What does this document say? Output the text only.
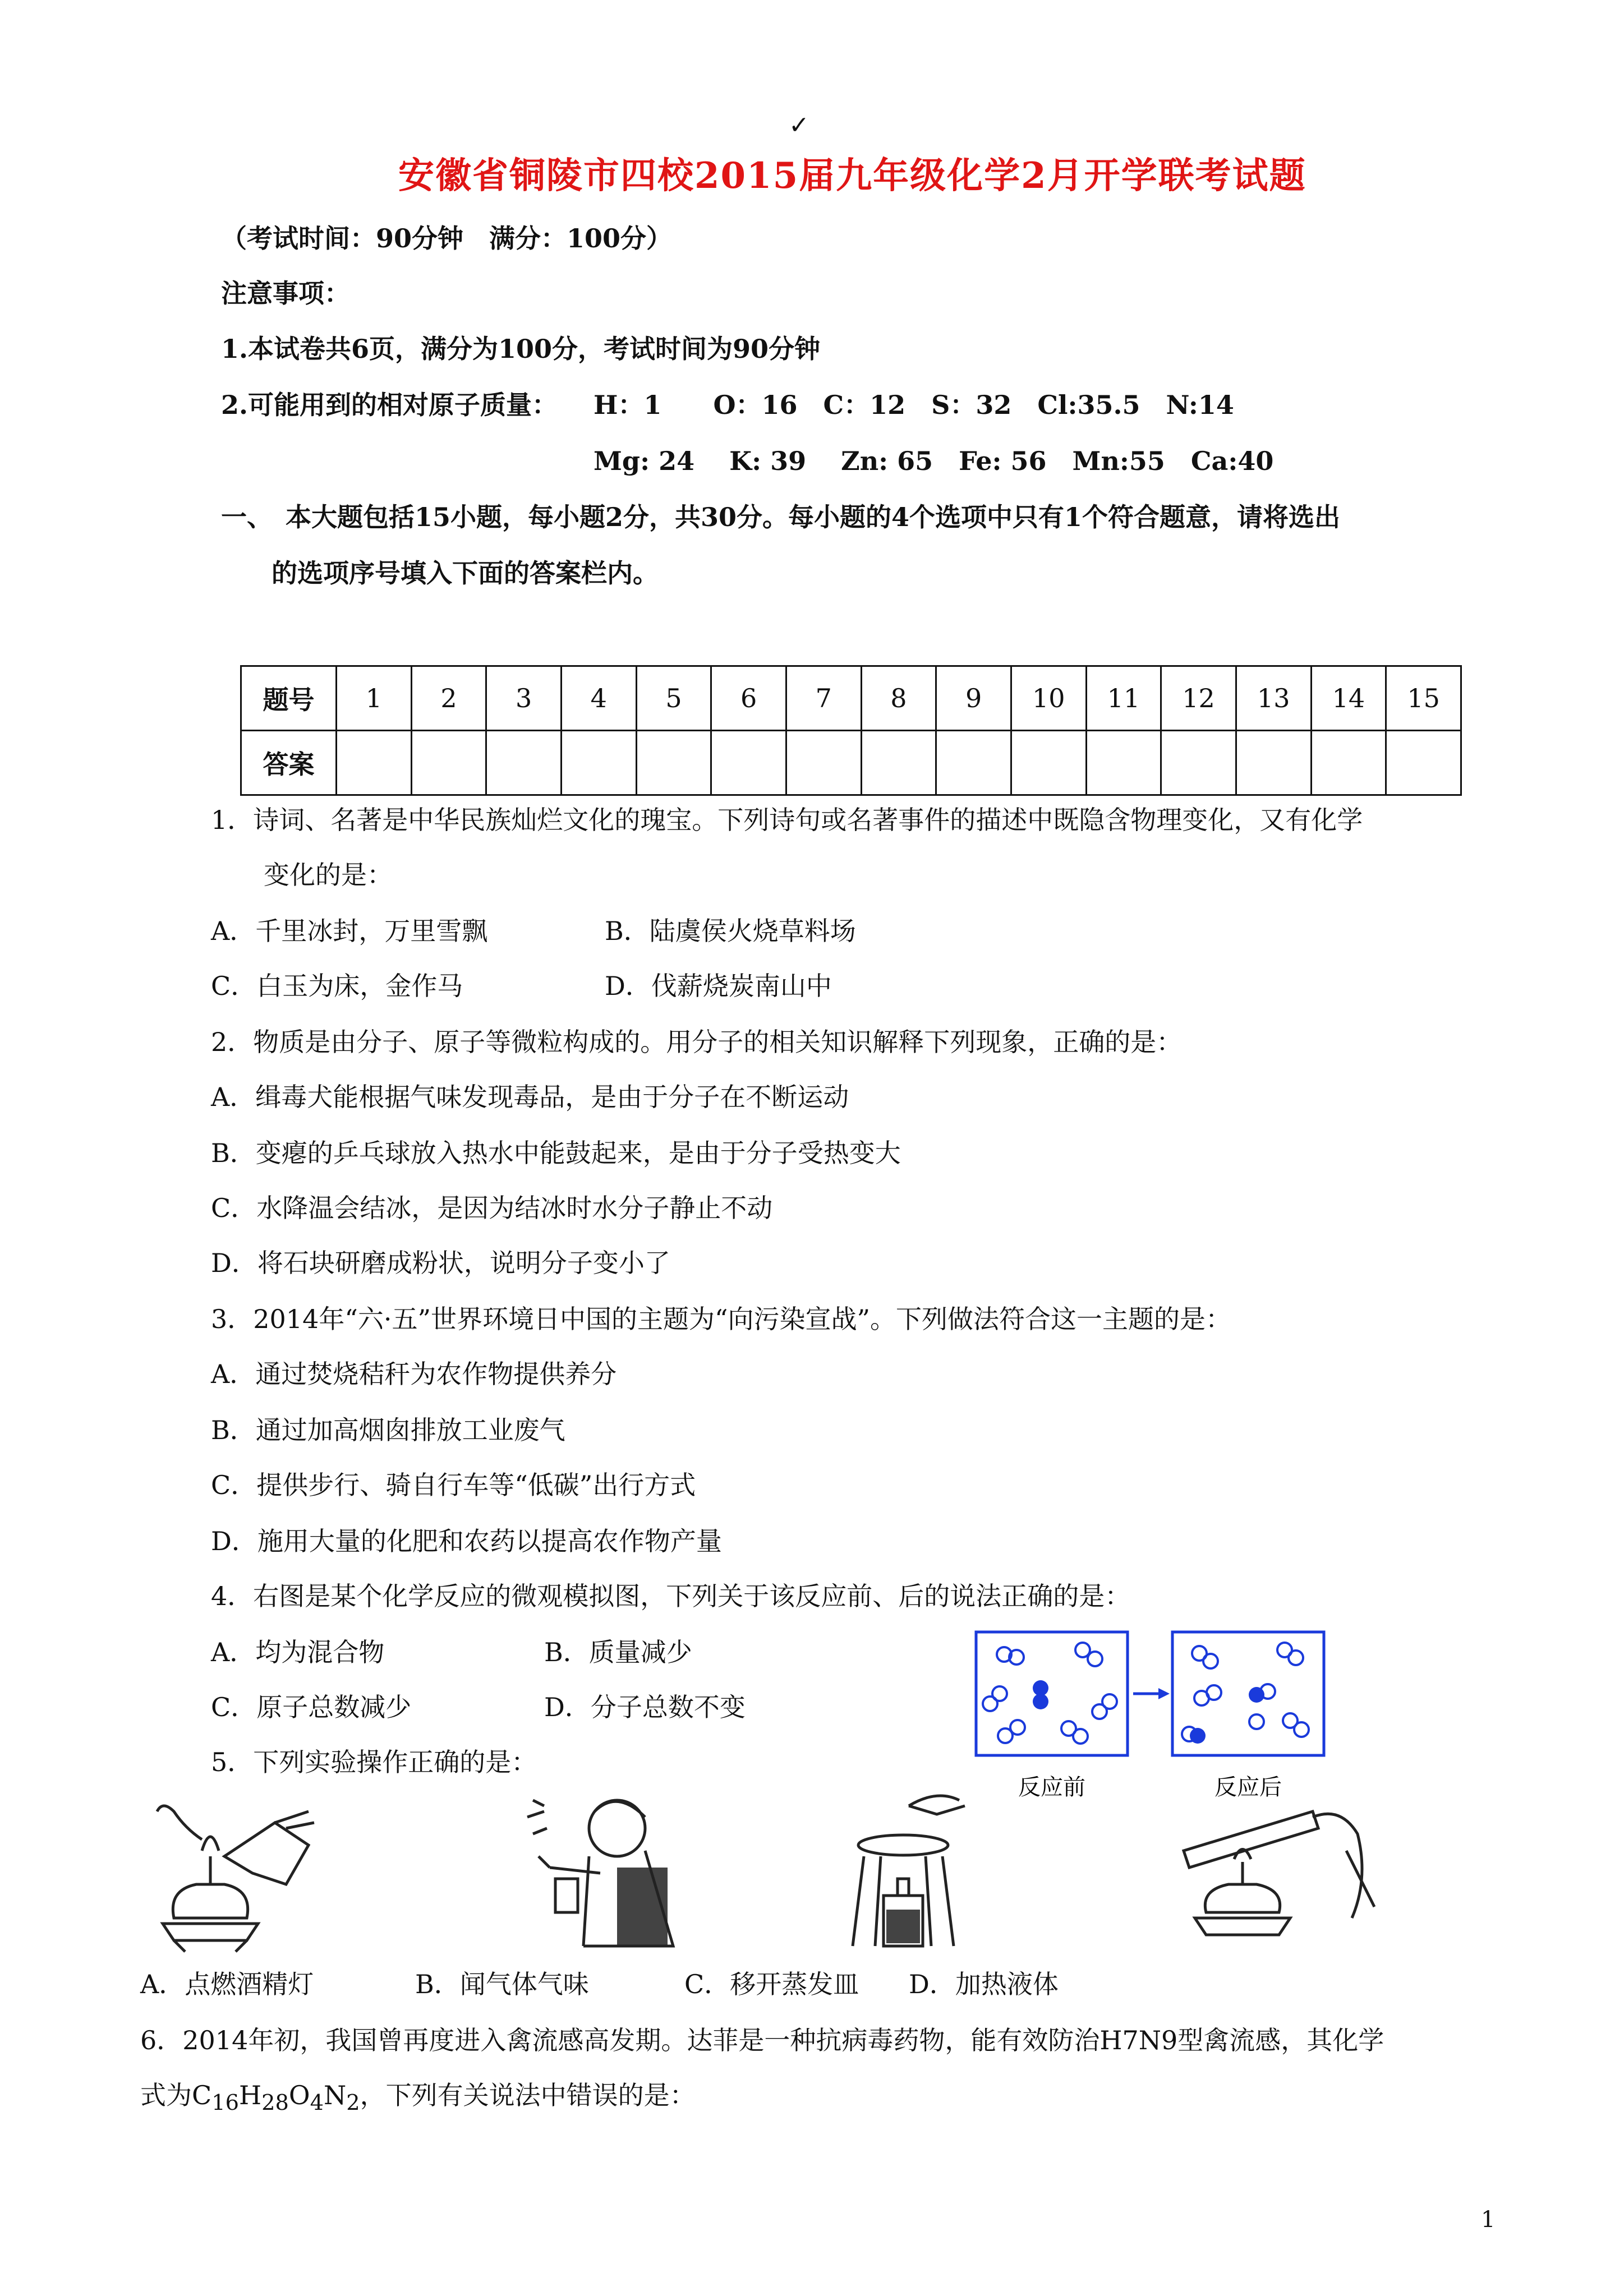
✓
安徽省铜陵市四校2015届九年级化学2月开学联考试题
（考试时间：90分钟　满分：100分）
注意事项：
1.本试卷共6页，满分为100分，考试时间为90分钟
2.可能用到的相对原子质量： H：1　　O：16　C：12　S：32　Cl:35.5　N:14
Mg: 24　 K: 39　 Zn: 65　Fe: 56　Mn:55　Ca:40
一、　本大题包括15小题，每小题2分，共30分。每小题的4个选项中只有1个符合题意，请将选出
的选项序号填入下面的答案栏内。
题号	1	2	3	4	5	6	7	8	9	10	11	12	13	14	15
答案															
1．诗词、名著是中华民族灿烂文化的瑰宝。下列诗句或名著事件的描述中既隐含物理变化，又有化学
变化的是：
A．千里冰封，万里雪飘	B．陆虞侯火烧草料场
C．白玉为床，金作马	D．伐薪烧炭南山中
2．物质是由分子、原子等微粒构成的。用分子的相关知识解释下列现象，正确的是：
A．缉毒犬能根据气味发现毒品，是由于分子在不断运动
B．变瘪的乒乓球放入热水中能鼓起来，是由于分子受热变大
C．水降温会结冰，是因为结冰时水分子静止不动
D．将石块研磨成粉状，说明分子变小了
3．2014年“六·五”世界环境日中国的主题为“向污染宣战”。下列做法符合这一主题的是：
A．通过焚烧秸秆为农作物提供养分
B．通过加高烟囱排放工业废气
C．提供步行、骑自行车等“低碳”出行方式
D．施用大量的化肥和农药以提高农作物产量
4．右图是某个化学反应的微观模拟图，下列关于该反应前、后的说法正确的是：
A．均为混合物	B．质量减少
C．原子总数减少	D．分子总数不变
反应前	反应后
5．下列实验操作正确的是：
A．点燃酒精灯	B．闻气体气味	C．移开蒸发皿 D．加热液体
6．2014年初，我国曾再度进入禽流感高发期。达菲是一种抗病毒药物，能有效防治H7N9型禽流感，其化学
式为$C_{16}H_{28}O_4N_2$，下列有关说法中错误的是：
1
